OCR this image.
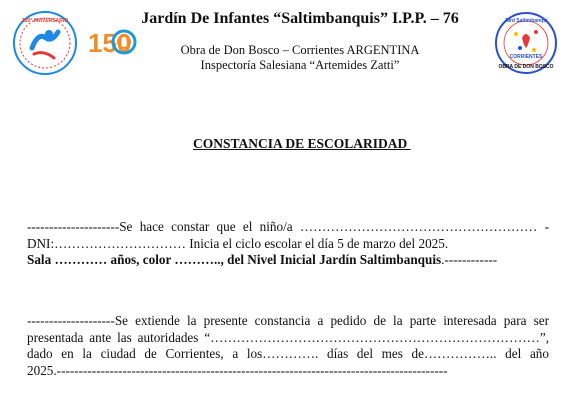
150° ANIVERSARIO
150
Jard Saltimbanqui
CORRIENTES
OBRA DE DON BOSCO
Jardín De Infantes “Saltimbanquis” I.P.P. – 76
Obra de Don Bosco – Corrientes ARGENTINA
Inspectoría Salesiana “Artemides Zatti”
CONSTANCIA DE ESCOLARIDAD
---------------------Se hace constar que el niño/a ……………………………………………… -
DNI:………………………… Inicia el ciclo escolar el día 5 de marzo del 2025.
Sala ………… años, color ……….., del Nivel Inicial Jardín Saltimbanquis.------------
--------------------Se extiende la presente constancia a pedido de la parte interesada para ser
presentada ante las autoridades “…………………………………………………………………”,
dado en la ciudad de Corrientes, a los…………. días del mes de…………….. del año
2025.-----------------------------------------------------------------------------------------
